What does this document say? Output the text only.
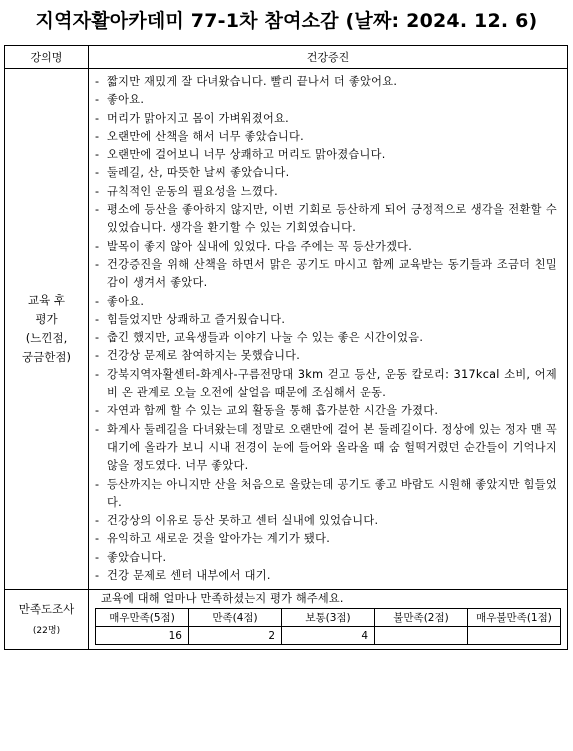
지역자활아카데미 77-1차 참여소감 (날짜: 2024. 12. 6)
강의명	건강증진

교육 후
평가
(느낀점,
궁금한점)

- 짧지만 재밌게 잘 다녀왔습니다. 빨리 끝나서 더 좋았어요.
- 좋아요.
- 머리가 맑아지고 몸이 가벼워졌어요.
- 오랜만에 산책을 해서 너무 좋았습니다.
- 오랜만에 걸어보니 너무 상쾌하고 머리도 맑아졌습니다.
- 둘레길, 산, 따뜻한 날씨 좋았습니다.
- 규칙적인 운동의 필요성을 느꼈다.
- 평소에 등산을 좋아하지 않지만, 이번 기회로 등산하게 되어 긍정적으로 생각을 전환할 수 있었습니다. 생각을 환기할 수 있는 기회였습니다.
- 발목이 좋지 않아 실내에 있었다. 다음 주에는 꼭 등산가겠다.
- 건강증진을 위해 산책을 하면서 맑은 공기도 마시고 함께 교육받는 동기들과 조금더 친밀감이 생겨서 좋았다.
- 좋아요.
- 힘들었지만 상쾌하고 즐거웠습니다.
- 춥긴 했지만, 교육생들과 이야기 나눌 수 있는 좋은 시간이었음.
- 건강상 문제로 참여하지는 못했습니다.
- 강북지역자활센터-화계사-구름전망대 3km 걷고 등산, 운동 칼로리: 317kcal 소비, 어제 비 온 관계로 오늘 오전에 살얼음 때문에 조심해서 운동.
- 자연과 함께 할 수 있는 교외 활동을 통해 흡가분한 시간을 가졌다.
- 화계사 둘레길을 다녀왔는데 정말로 오랜만에 걸어 본 둘레길이다. 정상에 있는 정자 맨 꼭대기에 올라가 보니 시내 전경이 눈에 들어와 올라올 때 숨 헐떡거렸던 순간들이 기억나지 않을 정도였다. 너무 좋았다.
- 등산까지는 아니지만 산을 처음으로 올랐는데 공기도 좋고 바람도 시원해 좋았지만 힘들었다.
- 건강상의 이유로 등산 못하고 센터 실내에 있었습니다.
- 유익하고 새로운 것을 알아가는 계기가 됐다.
- 좋았습니다.
- 건강 문제로 센터 내부에서 대기.

만족도조사
(22명)

교육에 대해 얼마나 만족하셨는지 평가 해주세요.
매우만족(5점)	만족(4점)	보통(3점)	불만족(2점)	매우불만족(1점)
16	2	4		
